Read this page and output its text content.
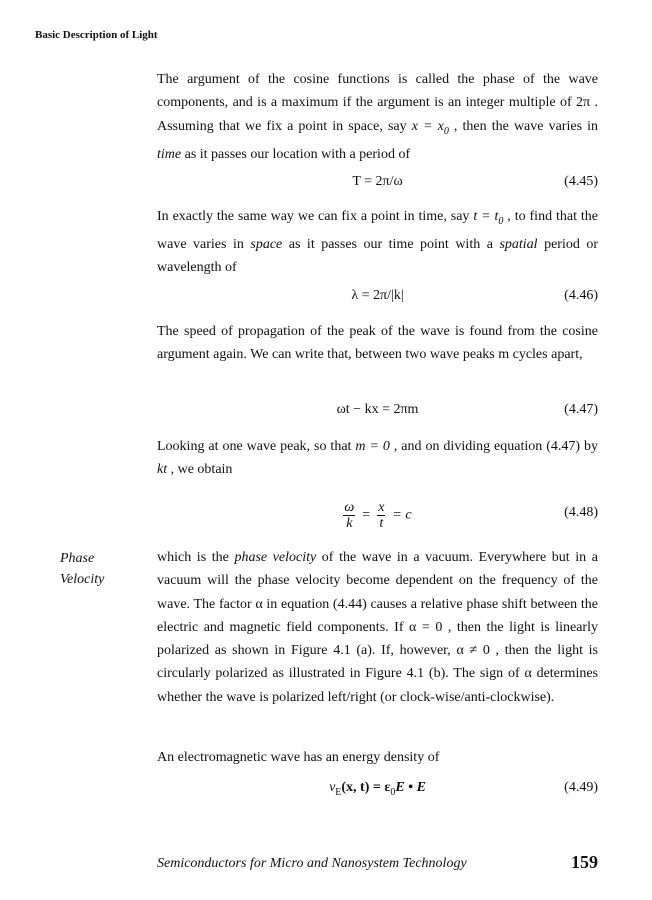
Basic Description of Light

The argument of the cosine functions is called the phase of the wave components, and is a maximum if the argument is an integer multiple of 2π . Assuming that we fix a point in space, say $x = x_0$ , then the wave varies in time as it passes our location with a period of

T = 2π/ω	(4.45)

In exactly the same way we can fix a point in time, say $t = t_0$ , to find that the wave varies in space as it passes our time point with a spatial period or wavelength of

λ = 2π/|k|	(4.46)

The speed of propagation of the peak of the wave is found from the cosine argument again. We can write that, between two wave peaks m cycles apart,

ωt − kx = 2πm	(4.47)

Looking at one wave peak, so that m = 0 , and on dividing equation (4.47) by kt , we obtain

$\frac{\omega}{k} = \frac{x}{t} = c$	(4.48)
Phase
Velocity

which is the phase velocity of the wave in a vacuum. Everywhere but in a vacuum will the phase velocity become dependent on the frequency of the wave. The factor α in equation (4.44) causes a relative phase shift between the electric and magnetic field components. If α = 0 , then the light is linearly polarized as shown in Figure 4.1 (a). If, however, α ≠ 0 , then the light is circularly polarized as illustrated in Figure 4.1 (b). The sign of α determines whether the wave is polarized left/right (or clock-wise/anti-clockwise).

An electromagnetic wave has an energy density of

$v_E(x$, $t) = \varepsilon_0E$ • E	(4.49)
Semiconductors for Micro and Nanosystem Technology	159
